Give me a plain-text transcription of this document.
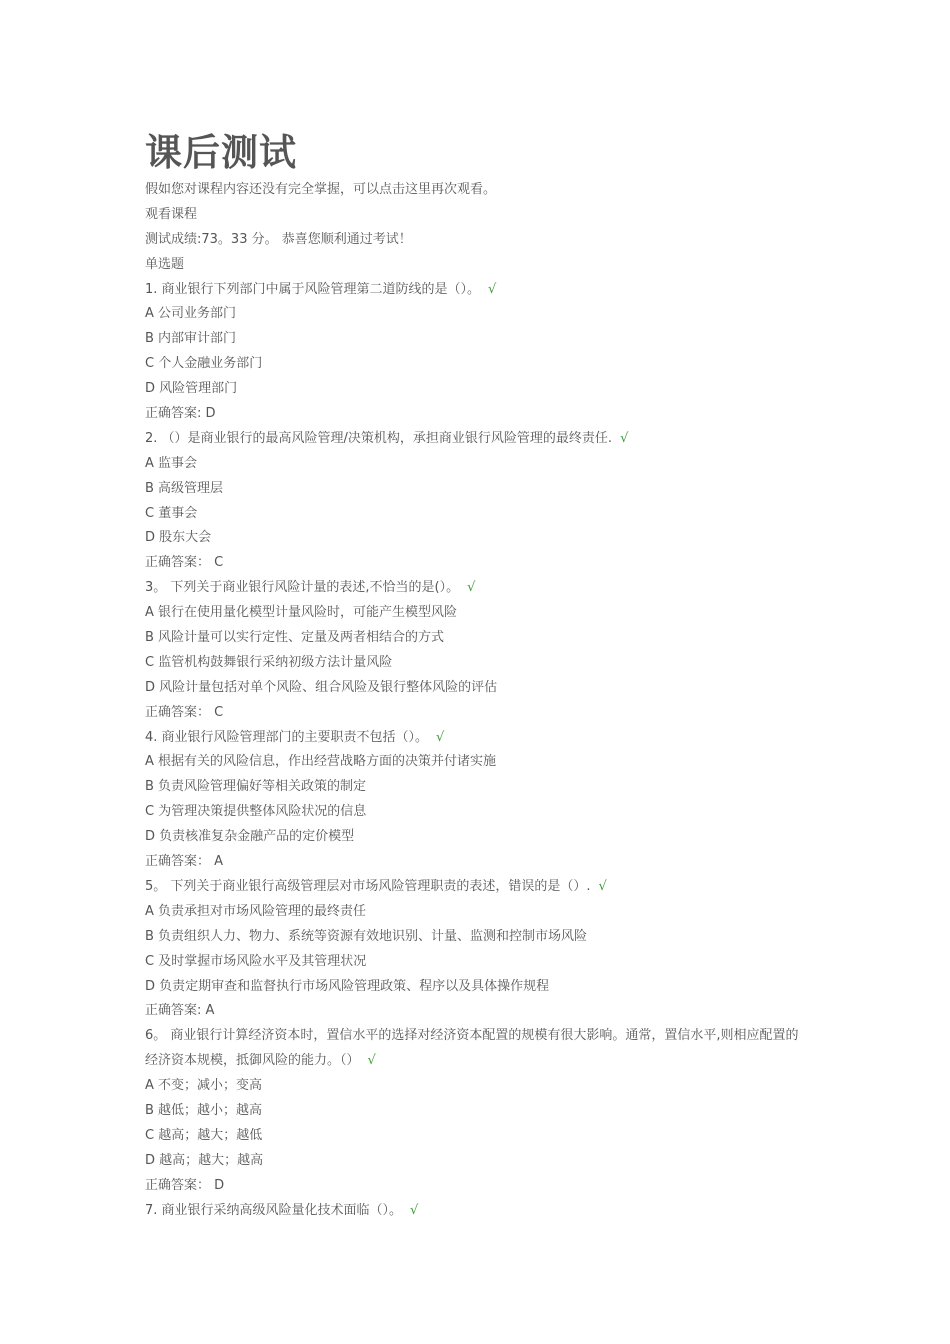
课后测试
假如您对课程内容还没有完全掌握，可以点击这里再次观看。
观看课程
测试成绩:73。33 分。 恭喜您顺利通过考试！
单选题
1. 商业银行下列部门中属于风险管理第二道防线的是（）。 √
A 公司业务部门
B 内部审计部门
C 个人金融业务部门
D 风险管理部门
正确答案: D
2. （）是商业银行的最高风险管理/决策机构，承担商业银行风险管理的最终责任. √
A 监事会
B 高级管理层
C 董事会
D 股东大会
正确答案： C
3。 下列关于商业银行风险计量的表述,不恰当的是(）。 √
A 银行在使用量化模型计量风险时，可能产生模型风险
B 风险计量可以实行定性、定量及两者相结合的方式
C 监管机构鼓舞银行采纳初级方法计量风险
D 风险计量包括对单个风险、组合风险及银行整体风险的评估
正确答案： C
4. 商业银行风险管理部门的主要职责不包括（）。 √
A 根据有关的风险信息，作出经营战略方面的决策并付诸实施
B 负责风险管理偏好等相关政策的制定
C 为管理决策提供整体风险状况的信息
D 负责核准复杂金融产品的定价模型
正确答案： A
5。 下列关于商业银行高级管理层对市场风险管理职责的表述，错误的是（）. √
A 负责承担对市场风险管理的最终责任
B 负责组织人力、物力、系统等资源有效地识别、计量、监测和控制市场风险
C 及时掌握市场风险水平及其管理状况
D 负责定期审查和监督执行市场风险管理政策、程序以及具体操作规程
正确答案: A
6。 商业银行计算经济资本时，置信水平的选择对经济资本配置的规模有很大影响。通常，置信水平,则相应配置的经济资本规模，抵御风险的能力。（） √
A 不变；减小；变高
B 越低；越小；越高
C 越高；越大；越低
D 越高；越大；越高
正确答案： D
7. 商业银行采纳高级风险量化技术面临（）。 √
